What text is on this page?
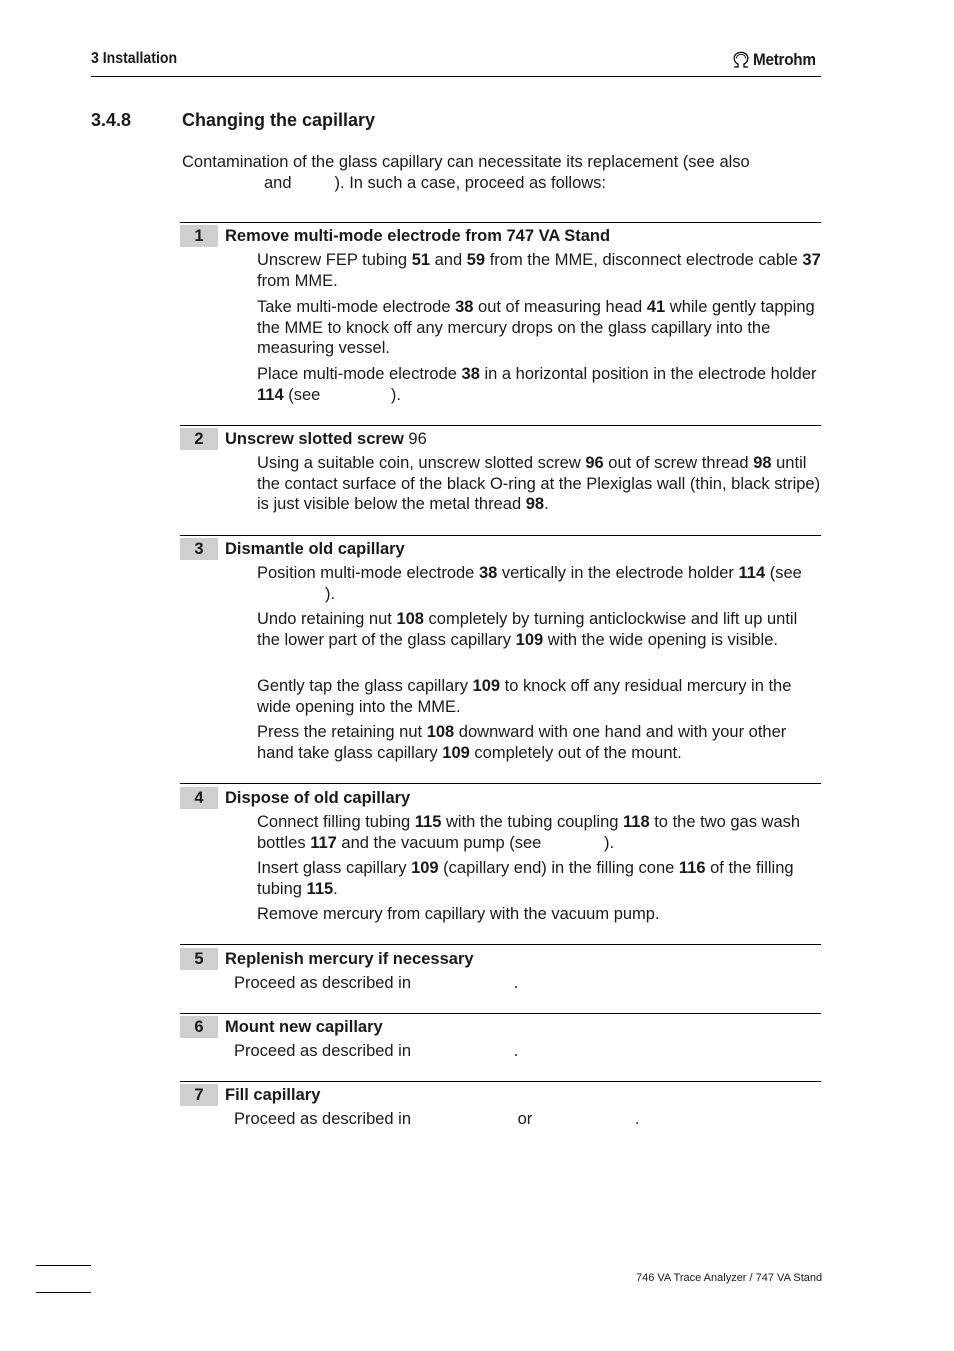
3 Installation	Metrohm
3.4.8	Changing the capillary
Contamination of the glass capillary can necessitate its replacement (see also
and	). In such a case, proceed as follows:
1	Remove multi-mode electrode from 747 VA Stand
Unscrew FEP tubing 51 and 59 from the MME, disconnect electrode cable 37 from MME.
Take multi-mode electrode 38 out of measuring head 41 while gently tapping the MME to knock off any mercury drops on the glass capillary into the measuring vessel.
Place multi-mode electrode 38 in a horizontal position in the electrode holder 114 (see	).
2	Unscrew slotted screw 96
Using a suitable coin, unscrew slotted screw 96 out of screw thread 98 until the contact surface of the black O-ring at the Plexiglas wall (thin, black stripe) is just visible below the metal thread 98.
3	Dismantle old capillary
Position multi-mode electrode 38 vertically in the electrode holder 114 (see ).
Undo retaining nut 108 completely by turning anticlockwise and lift up until the lower part of the glass capillary 109 with the wide opening is visible.
Gently tap the glass capillary 109 to knock off any residual mercury in the wide opening into the MME.
Press the retaining nut 108 downward with one hand and with your other hand take glass capillary 109 completely out of the mount.
4	Dispose of old capillary
Connect filling tubing 115 with the tubing coupling 118 to the two gas wash bottles 117 and the vacuum pump (see	).
Insert glass capillary 109 (capillary end) in the filling cone 116 of the filling tubing 115.
Remove mercury from capillary with the vacuum pump.
5	Replenish mercury if necessary
Proceed as described in	.
6	Mount new capillary
Proceed as described in	.
7	Fill capillary
Proceed as described in	or	.
746 VA Trace Analyzer / 747 VA Stand
